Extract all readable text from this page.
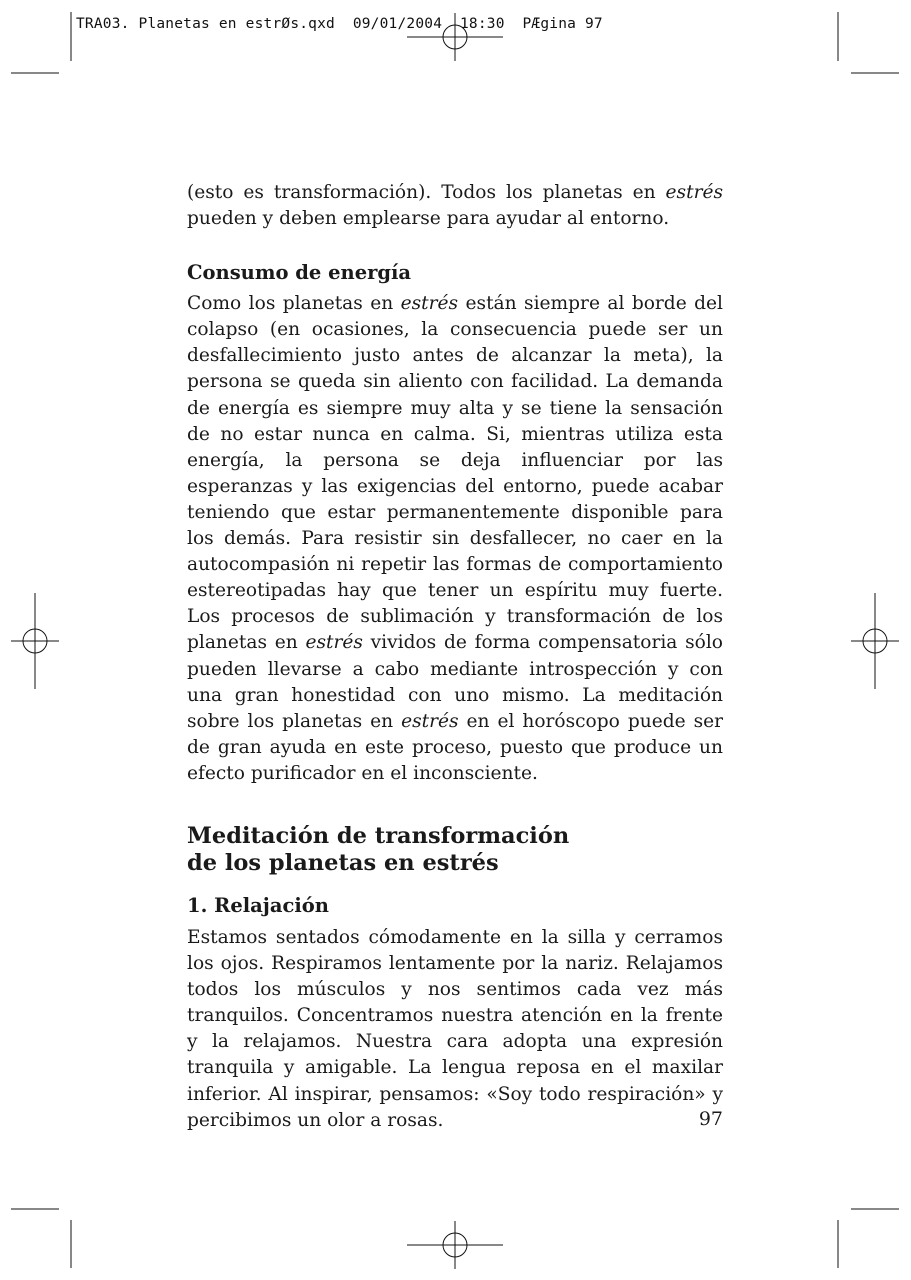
TRA03. Planetas en estrØs.qxd  09/01/2004  18:30  PÆgina 97

(esto es transformación). Todos los planetas en estrés pueden y deben emplearse para ayudar al entorno.

Consumo de energía

Como los planetas en estrés están siempre al borde del colapso (en ocasiones, la consecuencia puede ser un desfallecimiento justo antes de alcanzar la meta), la persona se queda sin aliento con facilidad. La demanda de energía es siempre muy alta y se tiene la sensación de no estar nunca en calma. Si, mientras utiliza esta energía, la persona se deja influenciar por las esperanzas y las exigencias del entorno, puede acabar teniendo que estar permanentemente disponible para los demás. Para resistir sin desfallecer, no caer en la autocompasión ni repetir las formas de comportamiento estereotipadas hay que tener un espíritu muy fuerte. Los procesos de sublimación y transformación de los planetas en estrés vividos de forma compensatoria sólo pueden llevarse a cabo mediante introspección y con una gran honestidad con uno mismo. La meditación sobre los planetas en estrés en el horóscopo puede ser de gran ayuda en este proceso, puesto que produce un efecto purificador en el inconsciente.

Meditación de transformación
de los planetas en estrés
1. Relajación

Estamos sentados cómodamente en la silla y cerramos los ojos. Respiramos lentamente por la nariz. Relajamos todos los músculos y nos sentimos cada vez más tranquilos. Concentramos nuestra atención en la frente y la relajamos. Nuestra cara adopta una expresión tranquila y amigable. La lengua reposa en el maxilar inferior. Al inspirar, pensamos: «Soy todo respiración» y percibimos un olor a rosas.	97
